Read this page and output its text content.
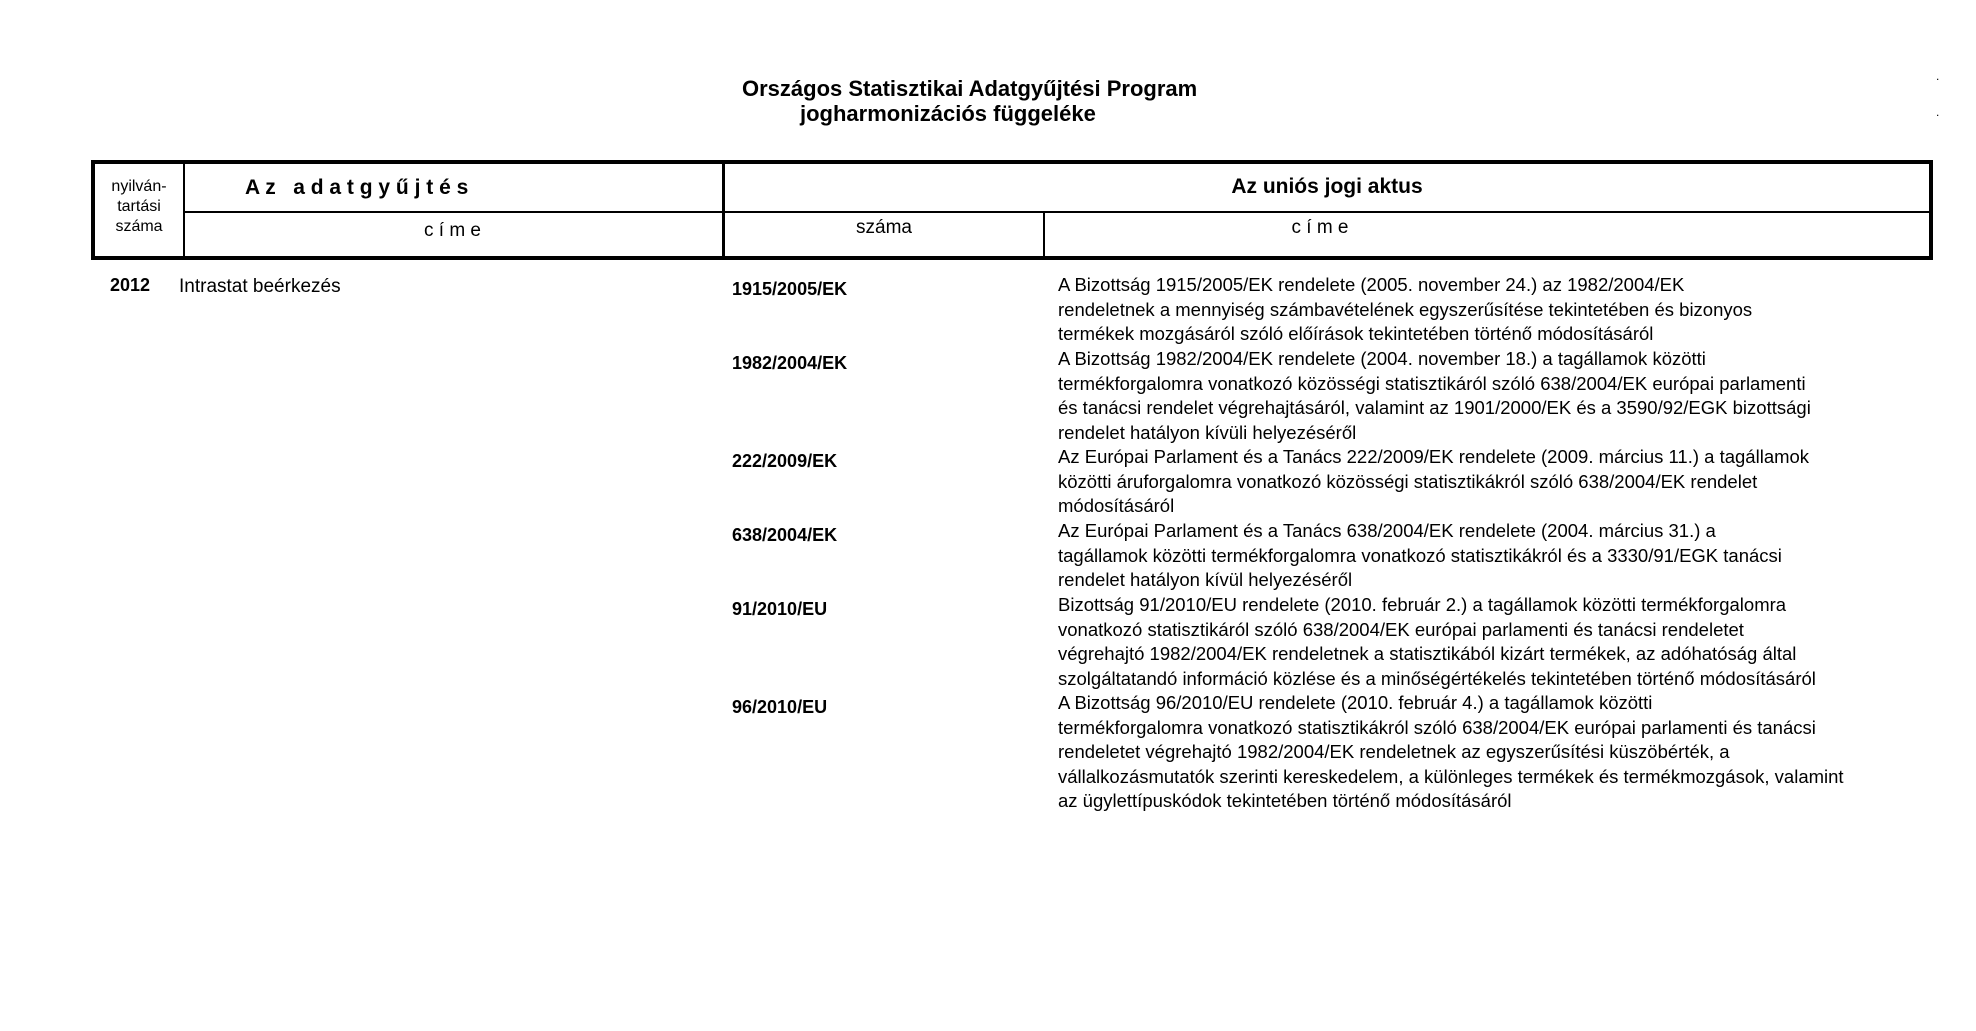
Országos Statisztikai Adatgyűjtési Program
jogharmonizációs függeléke
.
.
nyilván-
tartási
száma
A z   a d a t g y ű j t é s
c í m e
Az uniós jogi aktus
száma	c í m e
2012 Intrastat beérkezés	1915/2005/EK	A Bizottság 1915/2005/EK rendelete (2005. november 24.) az 1982/2004/EK
rendeletnek a mennyiség számbavételének egyszerűsítése tekintetében és bizonyos
termékek mozgásáról szóló előírások tekintetében történő módosításáról
1982/2004/EK	A Bizottság 1982/2004/EK rendelete (2004. november 18.) a tagállamok közötti
termékforgalomra vonatkozó közösségi statisztikáról szóló 638/2004/EK európai parlamenti
és tanácsi rendelet végrehajtásáról, valamint az 1901/2000/EK és a 3590/92/EGK bizottsági
rendelet hatályon kívüli helyezéséről
222/2009/EK	Az Európai Parlament és a Tanács 222/2009/EK rendelete (2009. március 11.) a tagállamok
közötti áruforgalomra vonatkozó közösségi statisztikákról szóló 638/2004/EK rendelet
módosításáról
638/2004/EK	Az Európai Parlament és a Tanács 638/2004/EK rendelete (2004. március 31.) a
tagállamok közötti termékforgalomra vonatkozó statisztikákról és a 3330/91/EGK tanácsi
rendelet hatályon kívül helyezéséről
91/2010/EU	Bizottság 91/2010/EU rendelete (2010. február 2.) a tagállamok közötti termékforgalomra
vonatkozó statisztikáról szóló 638/2004/EK európai parlamenti és tanácsi rendeletet
végrehajtó 1982/2004/EK rendeletnek a statisztikából kizárt termékek, az adóhatóság által
szolgáltatandó információ közlése és a minőségértékelés tekintetében történő módosításáról
96/2010/EU	A Bizottság 96/2010/EU rendelete (2010. február 4.) a tagállamok közötti
termékforgalomra vonatkozó statisztikákról szóló 638/2004/EK európai parlamenti és tanácsi
rendeletet végrehajtó 1982/2004/EK rendeletnek az egyszerűsítési küszöbérték, a
vállalkozásmutatók szerinti kereskedelem, a különleges termékek és termékmozgások, valamint
az ügylettípuskódok tekintetében történő módosításáról
